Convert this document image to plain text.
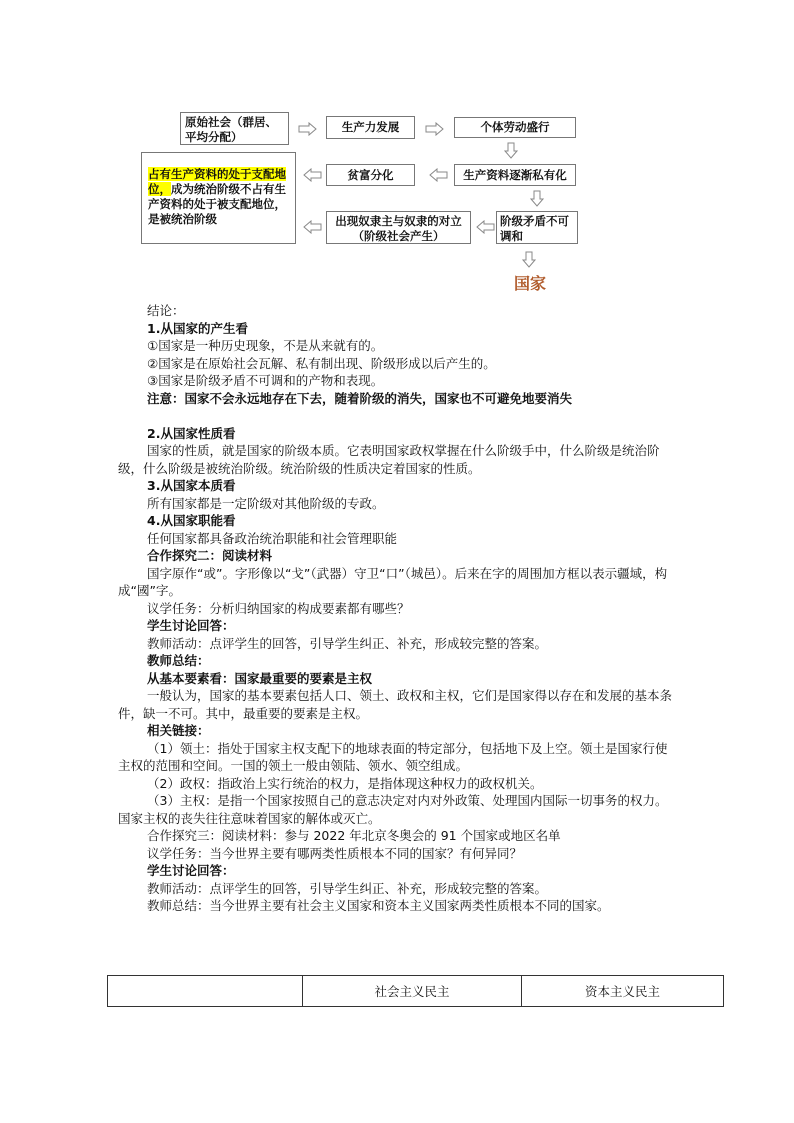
原始社会（群居、平均分配）
生产力发展	个体劳动盛行
占有生产资料的处于支配地位，成为统治阶级不占有生产资料的处于被支配地位，是被统治阶级
贫富分化	生产资料逐渐私有化
出现奴隶主与奴隶的对立
（阶级社会产生）
阶级矛盾不可调和
国家
结论：
1.从国家的产生看
①国家是一种历史现象，不是从来就有的。
②国家是在原始社会瓦解、私有制出现、阶级形成以后产生的。
③国家是阶级矛盾不可调和的产物和表现。
注意：国家不会永远地存在下去，随着阶级的消失，国家也不可避免地要消失
2.从国家性质看
国家的性质，就是国家的阶级本质。它表明国家政权掌握在什么阶级手中，什么阶级是统治阶级，什么阶级是被统治阶级。统治阶级的性质决定着国家的性质。
3.从国家本质看
所有国家都是一定阶级对其他阶级的专政。
4.从国家职能看
任何国家都具备政治统治职能和社会管理职能
合作探究二：阅读材料
国字原作“或”。字形像以“戈”（武器）守卫“口”（城邑）。后来在字的周围加方框以表示疆域，构成“國”字。
议学任务：分析归纳国家的构成要素都有哪些？
学生讨论回答：
教师活动：点评学生的回答，引导学生纠正、补充，形成较完整的答案。
教师总结：
从基本要素看：国家最重要的要素是主权
一般认为，国家的基本要素包括人口、领土、政权和主权，它们是国家得以存在和发展的基本条件，缺一不可。其中，最重要的要素是主权。
相关链接：
（1）领土：指处于国家主权支配下的地球表面的特定部分，包括地下及上空。领土是国家行使主权的范围和空间。一国的领土一般由领陆、领水、领空组成。
（2）政权：指政治上实行统治的权力，是指体现这种权力的政权机关。
（3）主权：是指一个国家按照自己的意志决定对内对外政策、处理国内国际一切事务的权力。国家主权的丧失往往意味着国家的解体或灭亡。
合作探究三：阅读材料：参与 2022 年北京冬奥会的 91 个国家或地区名单
议学任务：当今世界主要有哪两类性质根本不同的国家？有何异同？
学生讨论回答：
教师活动：点评学生的回答，引导学生纠正、补充，形成较完整的答案。
教师总结：当今世界主要有社会主义国家和资本主义国家两类性质根本不同的国家。
	社会主义民主	资本主义民主
